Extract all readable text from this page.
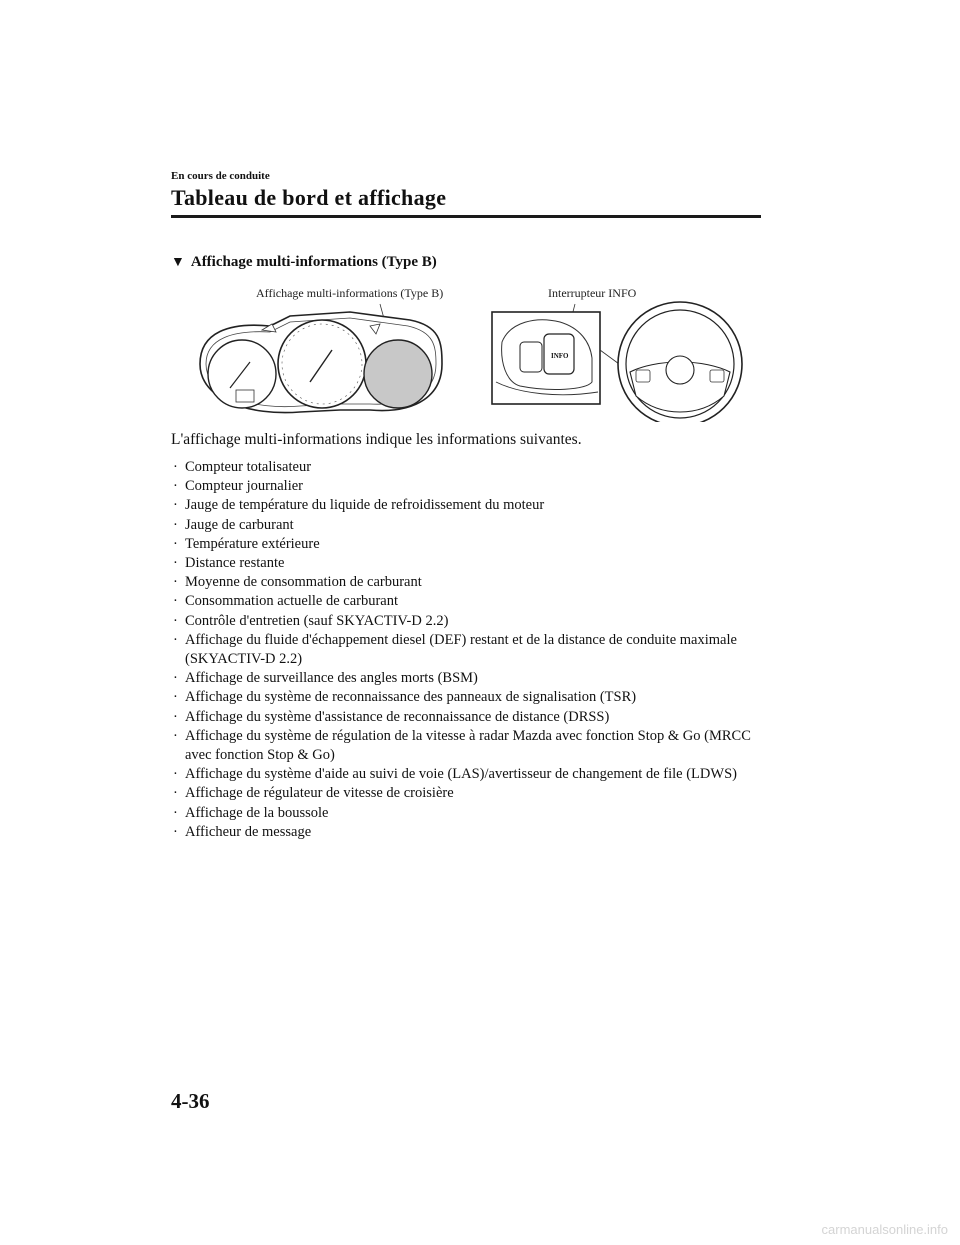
En cours de conduite
Tableau de bord et affichage
▼ Affichage multi-informations (Type B)
Affichage multi-informations (Type B)	Interrupteur INFO
INFO
L'affichage multi-informations indique les informations suivantes.
· Compteur totalisateur
· Compteur journalier
· Jauge de température du liquide de refroidissement du moteur
· Jauge de carburant
· Température extérieure
· Distance restante
· Moyenne de consommation de carburant
· Consommation actuelle de carburant
· Contrôle d'entretien (sauf SKYACTIV-D 2.2)
· Affichage du fluide d'échappement diesel (DEF) restant et de la distance de conduite maximale (SKYACTIV-D 2.2)
· Affichage de surveillance des angles morts (BSM)
· Affichage du système de reconnaissance des panneaux de signalisation (TSR)
· Affichage du système d'assistance de reconnaissance de distance (DRSS)
· Affichage du système de régulation de la vitesse à radar Mazda avec fonction Stop & Go (MRCC avec fonction Stop & Go)
· Affichage du système d'aide au suivi de voie (LAS)/avertisseur de changement de file (LDWS)
· Affichage de régulateur de vitesse de croisière
· Affichage de la boussole
· Afficheur de message
4-36
carmanualsonline.info
